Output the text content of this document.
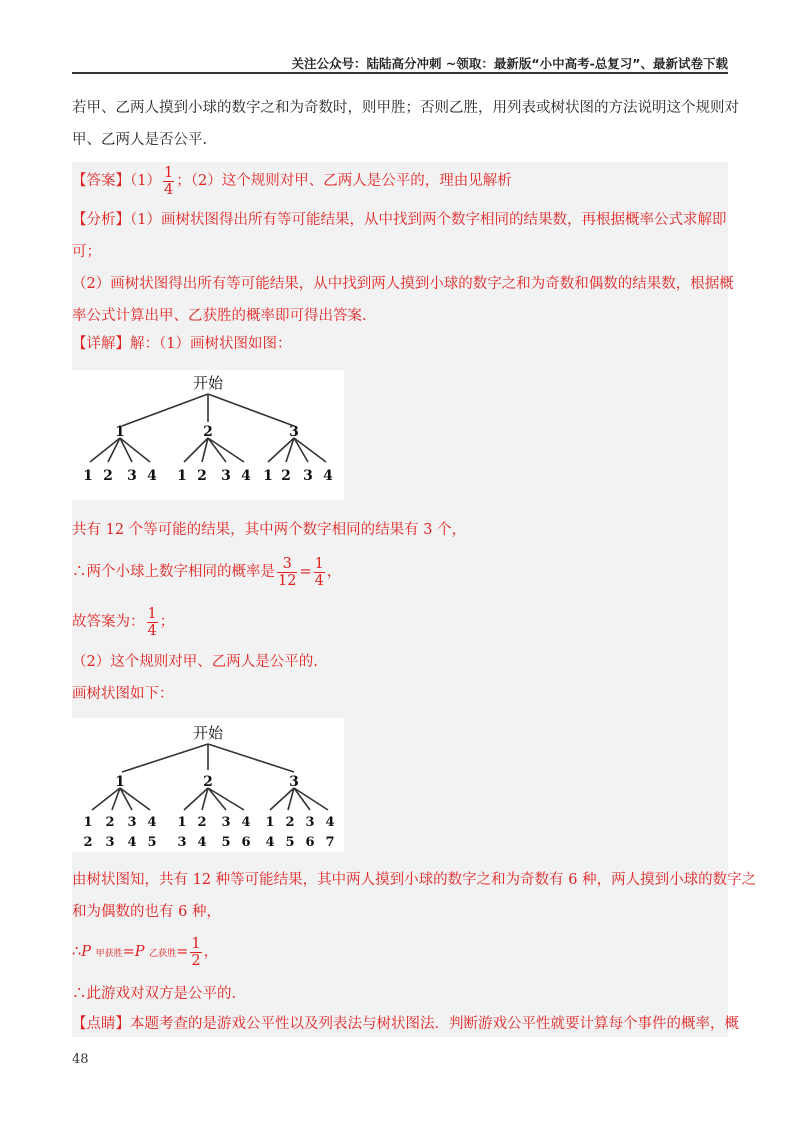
关注公众号：陆陆高分冲刺 ~领取：最新版“小中高考-总复习”、最新试卷下载
若甲、乙两人摸到小球的数字之和为奇数时，则甲胜；否则乙胜，用列表或树状图的方法说明这个规则对
甲、乙两人是否公平.
【答案】$(1) \frac{1}{4}$ ；（2）这个规则对甲、乙两人是公平的，理由见解析
【分析】（1）画树状图得出所有等可能结果，从中找到两个数字相同的结果数，再根据概率公式求解即
可；
（2）画树状图得出所有等可能结果，从中找到两人摸到小球的数字之和为奇数和偶数的结果数，根据概
率公式计算出甲、乙获胜的概率即可得出答案.
【详解】解：（1）画树状图如图：
开始
1	2	3
1 2 3 4 1 2 3 4 1 2 3 4
共有 12 个等可能的结果，其中两个数字相同的结果有 3 个，
∴两个小球上数字相同的概率是 $\frac{3}{12} = \frac{1}{4}$ ，
故答案为： $\frac{1}{4}$ ；
（2）这个规则对甲、乙两人是公平的.
画树状图如下：
开始
1	2	3
1 2 3 4 1 2 3 4 1 2 3 4
2 3 4 5 3 4 5 6 4 5 6 7
由树状图知，共有 12 种等可能结果，其中两人摸到小球的数字之和为奇数有 6 种，两人摸到小球的数字之
和为偶数的也有 6 种，
∴P 甲获胜=P 乙获胜= $\frac{1}{2}$ ，
∴此游戏对双方是公平的.
【点睛】本题考查的是游戏公平性以及列表法与树状图法．判断游戏公平性就要计算每个事件的概率，概
48
